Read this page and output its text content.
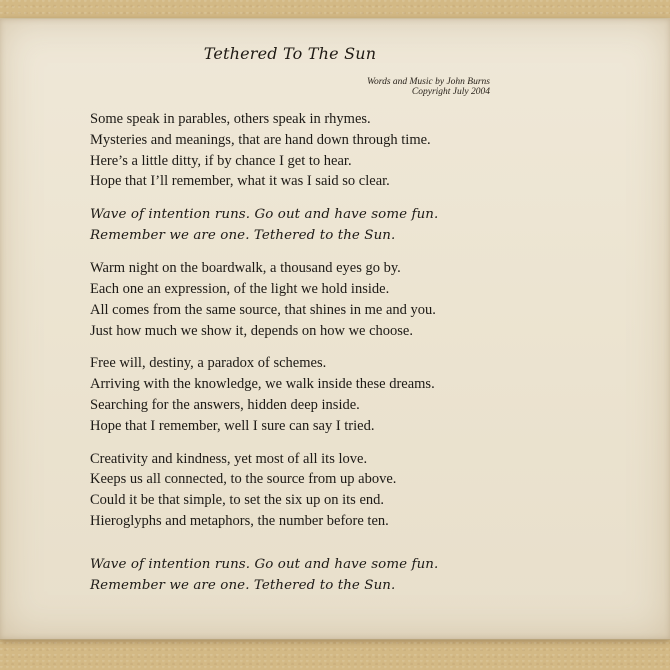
Tethered To The Sun
Words and Music by John Burns
Copyright July 2004
Some speak in parables, others speak in rhymes.
Mysteries and meanings, that are hand down through time.
Here’s a little ditty, if by chance I get to hear.
Hope that I’ll remember, what it was I said so clear.
Wave of intention runs. Go out and have some fun.
Remember we are one. Tethered to the Sun.
Warm night on the boardwalk, a thousand eyes go by.
Each one an expression, of the light we hold inside.
All comes from the same source, that shines in me and you.
Just how much we show it, depends on how we choose.
Free will, destiny, a paradox of schemes.
Arriving with the knowledge, we walk inside these dreams.
Searching for the answers, hidden deep inside.
Hope that I remember, well I sure can say I tried.
Creativity and kindness, yet most of all its love.
Keeps us all connected, to the source from up above.
Could it be that simple, to set the six up on its end.
Hieroglyphs and metaphors, the number before ten.
Wave of intention runs. Go out and have some fun.
Remember we are one. Tethered to the Sun.
